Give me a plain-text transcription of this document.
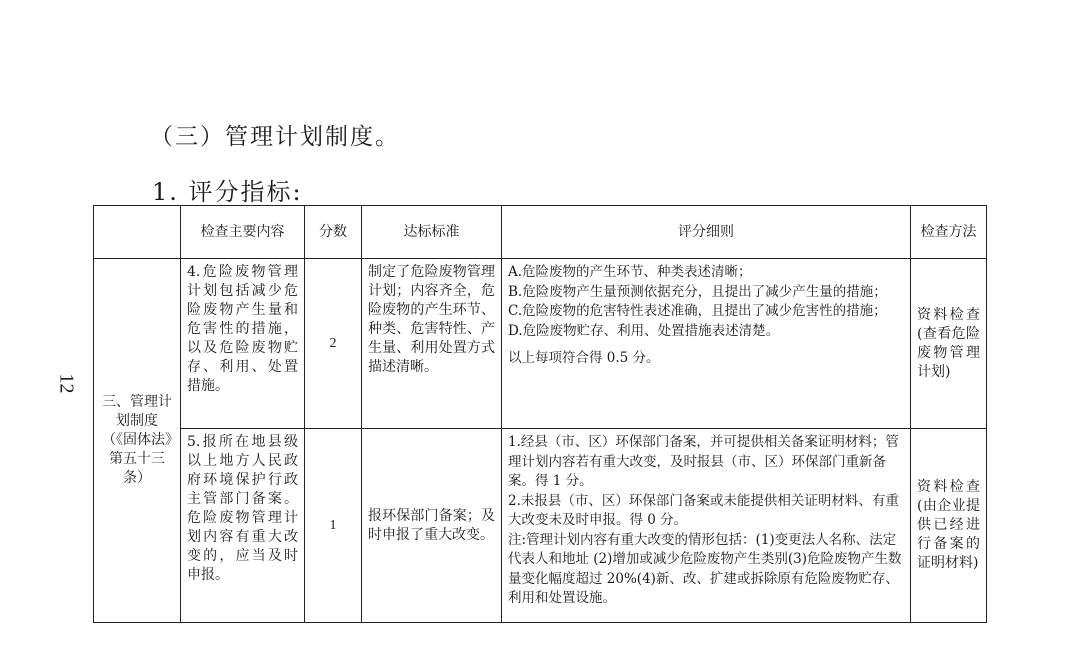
12
（三）管理计划制度。
1. 评分指标:
	检查主要内容	分数	达标标准	评分细则	检查方法
三、管理计划制度（《固体法》第五十三条）	4.危险废物管理计划包括减少危险废物产生量和危害性的措施，以及危险废物贮存、利用、处置措施。	2	制定了危险废物管理计划；内容齐全，危险废物的产生环节、种类、危害特性、产生量、利用处置方式描述清晰。	A.危险废物的产生环节、种类表述清晰；
B.危险废物产生量预测依据充分，且提出了减少产生量的措施；
C.危险废物的危害特性表述准确，且提出了减少危害性的措施；
D.危险废物贮存、利用、处置措施表述清楚。
以上每项符合得 0.5 分。	资料检查(查看危险废物管理计划)
	5.报所在地县级以上地方人民政府环境保护行政主管部门备案。危险废物管理计划内容有重大改变的，应当及时申报。	1	报环保部门备案；及时申报了重大改变。	1.经县（市、区）环保部门备案，并可提供相关备案证明材料；管理计划内容若有重大改变，及时报县（市、区）环保部门重新备案。得 1 分。
2.未报县（市、区）环保部门备案或未能提供相关证明材料、有重大改变未及时申报。得 0 分。
注:管理计划内容有重大改变的情形包括：(1)变更法人名称、法定代表人和地址 (2)增加或减少危险废物产生类别(3)危险废物产生数量变化幅度超过 20%(4)新、改、扩建或拆除原有危险废物贮存、利用和处置设施。	资料检查(由企业提供已经进行备案的证明材料)
